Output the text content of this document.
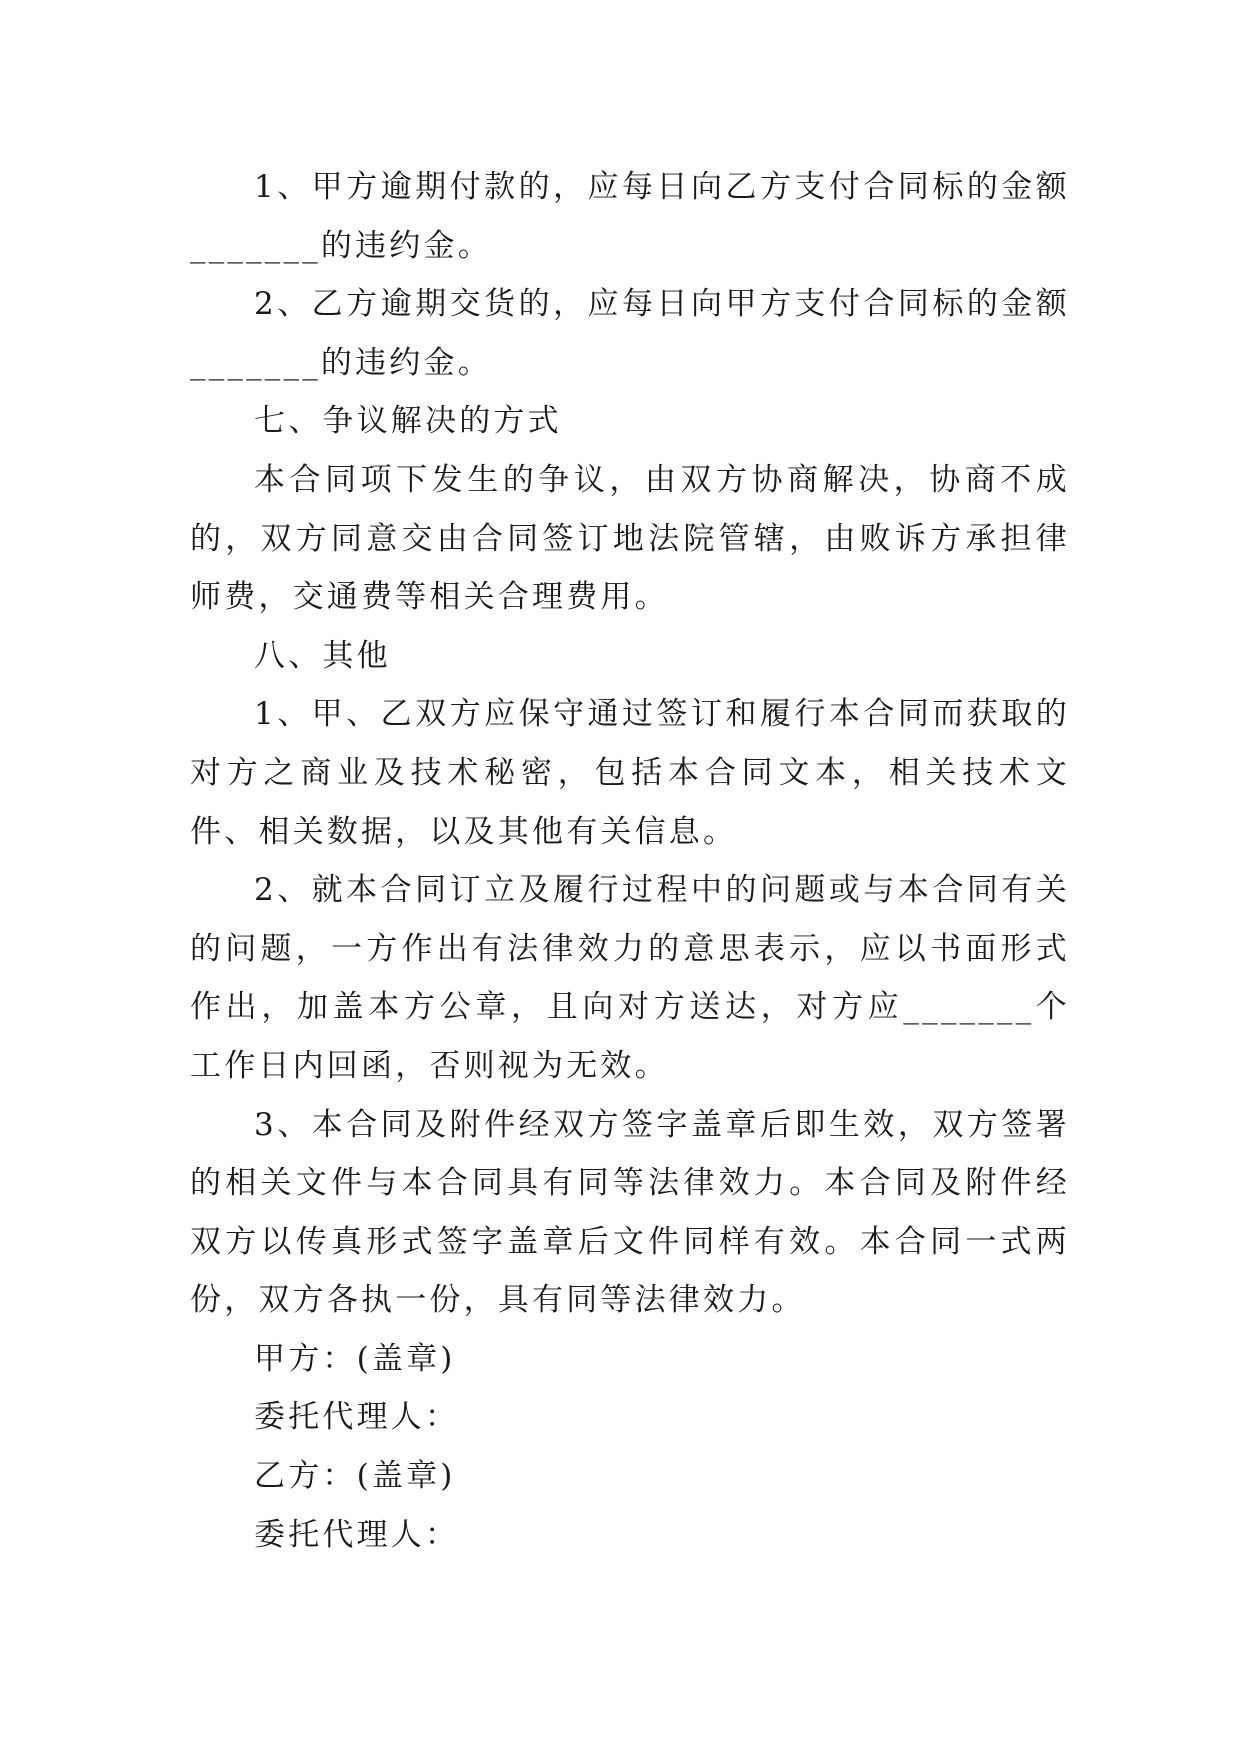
1、甲方逾期付款的，应每日向乙方支付合同标的金额_______的违约金。

2、乙方逾期交货的，应每日向甲方支付合同标的金额_______的违约金。

七、争议解决的方式

本合同项下发生的争议，由双方协商解决，协商不成的，双方同意交由合同签订地法院管辖，由败诉方承担律师费，交通费等相关合理费用。

八、其他

1、甲、乙双方应保守通过签订和履行本合同而获取的对方之商业及技术秘密，包括本合同文本，相关技术文件、相关数据，以及其他有关信息。

2、就本合同订立及履行过程中的问题或与本合同有关的问题，一方作出有法律效力的意思表示，应以书面形式作出，加盖本方公章，且向对方送达，对方应_______个工作日内回函，否则视为无效。

3、本合同及附件经双方签字盖章后即生效，双方签署的相关文件与本合同具有同等法律效力。本合同及附件经双方以传真形式签字盖章后文件同样有效。本合同一式两份，双方各执一份，具有同等法律效力。

甲方：(盖章)

委托代理人：

乙方：(盖章)

委托代理人：
